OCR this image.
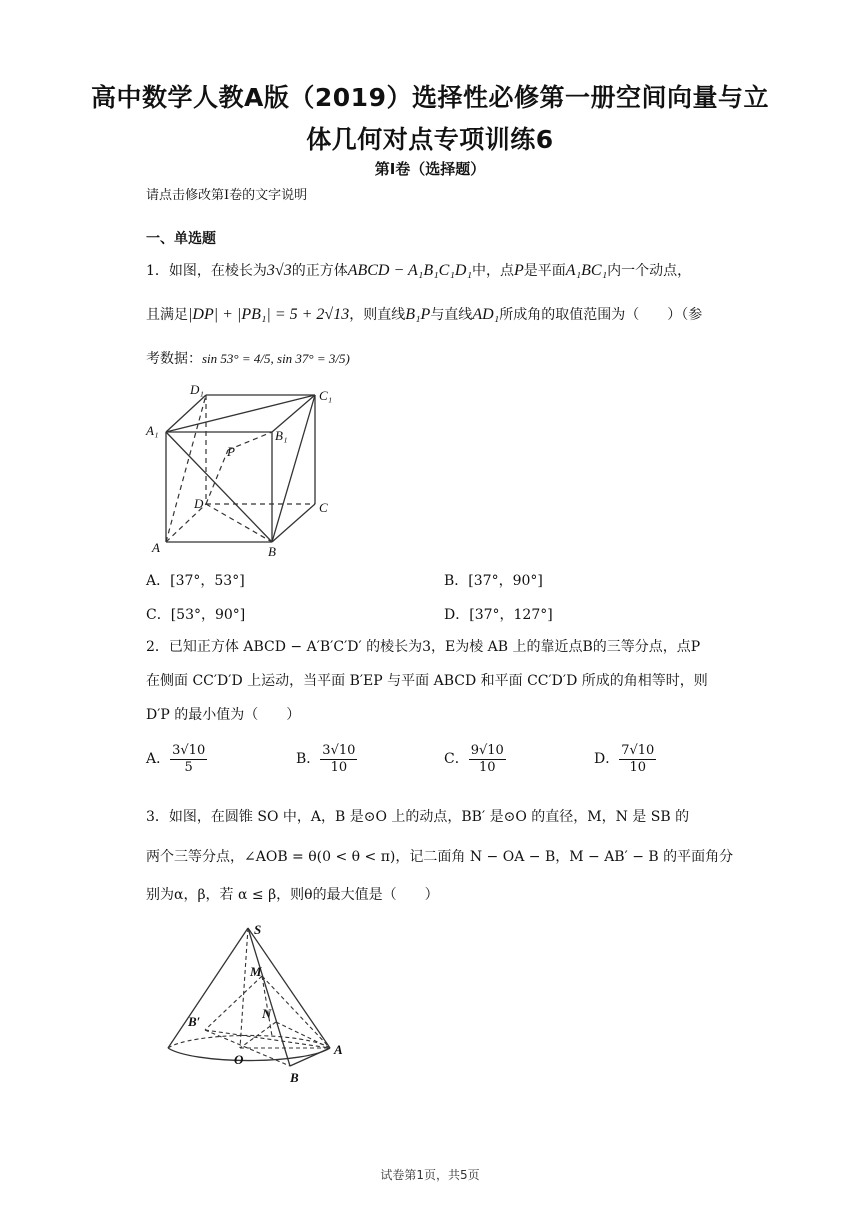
高中数学人教A版（2019）选择性必修第一册空间向量与立
体几何对点专项训练6
第I卷（选择题）
请点击修改第I卷的文字说明
一、单选题
1．如图，在棱长为3√3的正方体ABCD − A₁B₁C₁D₁中，点P是平面A₁BC₁内一个动点，
且满足|DP| + |PB₁| = 5 + 2√13，则直线B₁P与直线AD₁所成角的取值范围为（　　）（参
考数据：sin 53° = 4/5, sin 37° = 3/5)
D₁	C₁
A₁	B₁
P
D	C
A	B
A．[37°，53°]	B．[37°，90°]
C．[53°，90°]	D．[37°，127°]
2．已知正方体 ABCD − A′B′C′D′ 的棱长为3，E为棱 AB 上的靠近点B的三等分点，点P
在侧面 CC′D′D 上运动，当平面 B′EP 与平面 ABCD 和平面 CC′D′D 所成的角相等时，则
D′P 的最小值为（　　）
A． $\frac{3√10}{5}$	B． $\frac{3√10}{10}$	C． $\frac{9√10}{10}$	D． $\frac{7√10}{10}$
3．如图，在圆锥 SO 中，A，B 是⊙O 上的动点，BB′ 是⊙O 的直径，M，N 是 SB 的
两个三等分点，∠AOB = θ(0 < θ < π)，记二面角 N − OA − B，M − AB′ − B 的平面角分
别为α，β，若 α ≤ β，则θ的最大值是（　　）
S
M
B′
N
O
A
B
试卷第1页，共5页
